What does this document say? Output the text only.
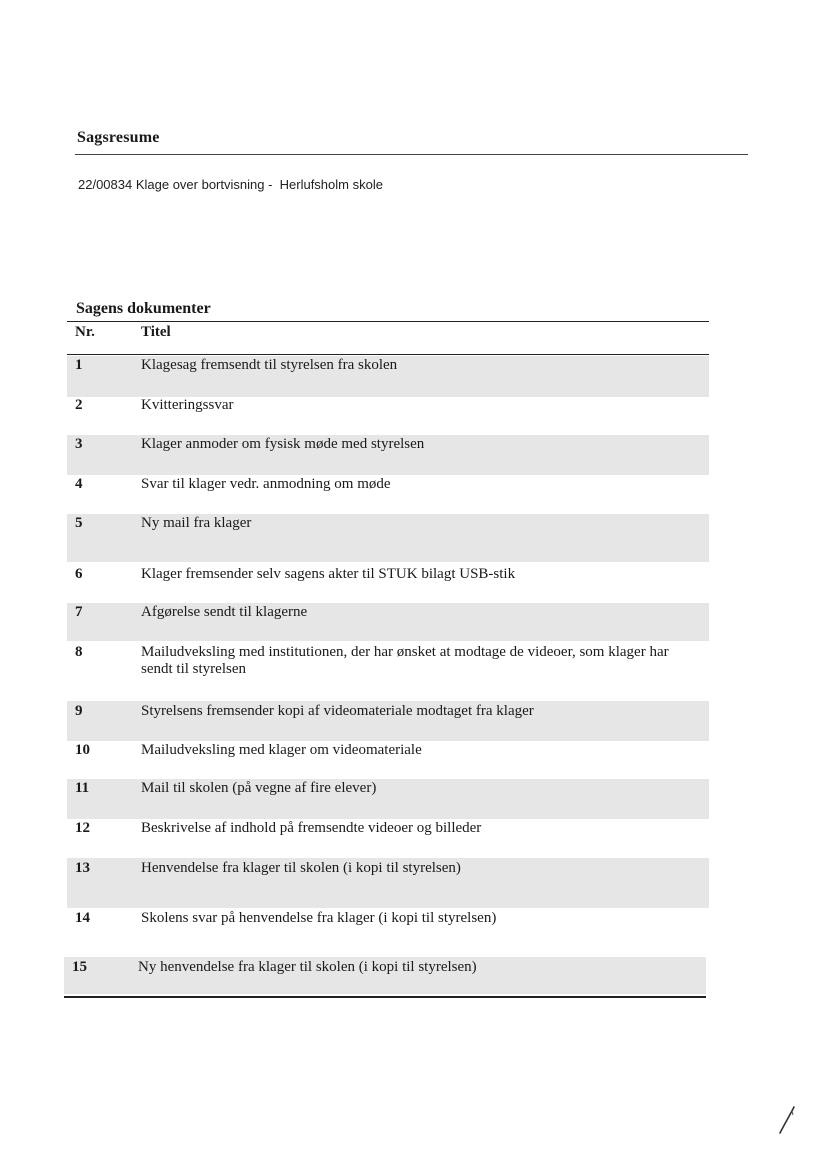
Sagsresume
22/00834 Klage over bortvisning -  Herlufsholm skole
Sagens dokumenter
Nr.	Titel
1	Klagesag fremsendt til styrelsen fra skolen
2	Kvitteringssvar
3	Klager anmoder om fysisk møde med styrelsen
4	Svar til klager vedr. anmodning om møde
5	Ny mail fra klager
6	Klager fremsender selv sagens akter til STUK bilagt USB-stik
7	Afgørelse sendt til klagerne
8	Mailudveksling med institutionen, der har ønsket at modtage de videoer, som klager har sendt til styrelsen
9	Styrelsens fremsender kopi af videomateriale modtaget fra klager
10	Mailudveksling med klager om videomateriale
11	Mail til skolen (på vegne af fire elever)
12	Beskrivelse af indhold på fremsendte videoer og billeder
13	Henvendelse fra klager til skolen (i kopi til styrelsen)
14	Skolens svar på henvendelse fra klager (i kopi til styrelsen)
15	Ny henvendelse fra klager til skolen (i kopi til styrelsen)
